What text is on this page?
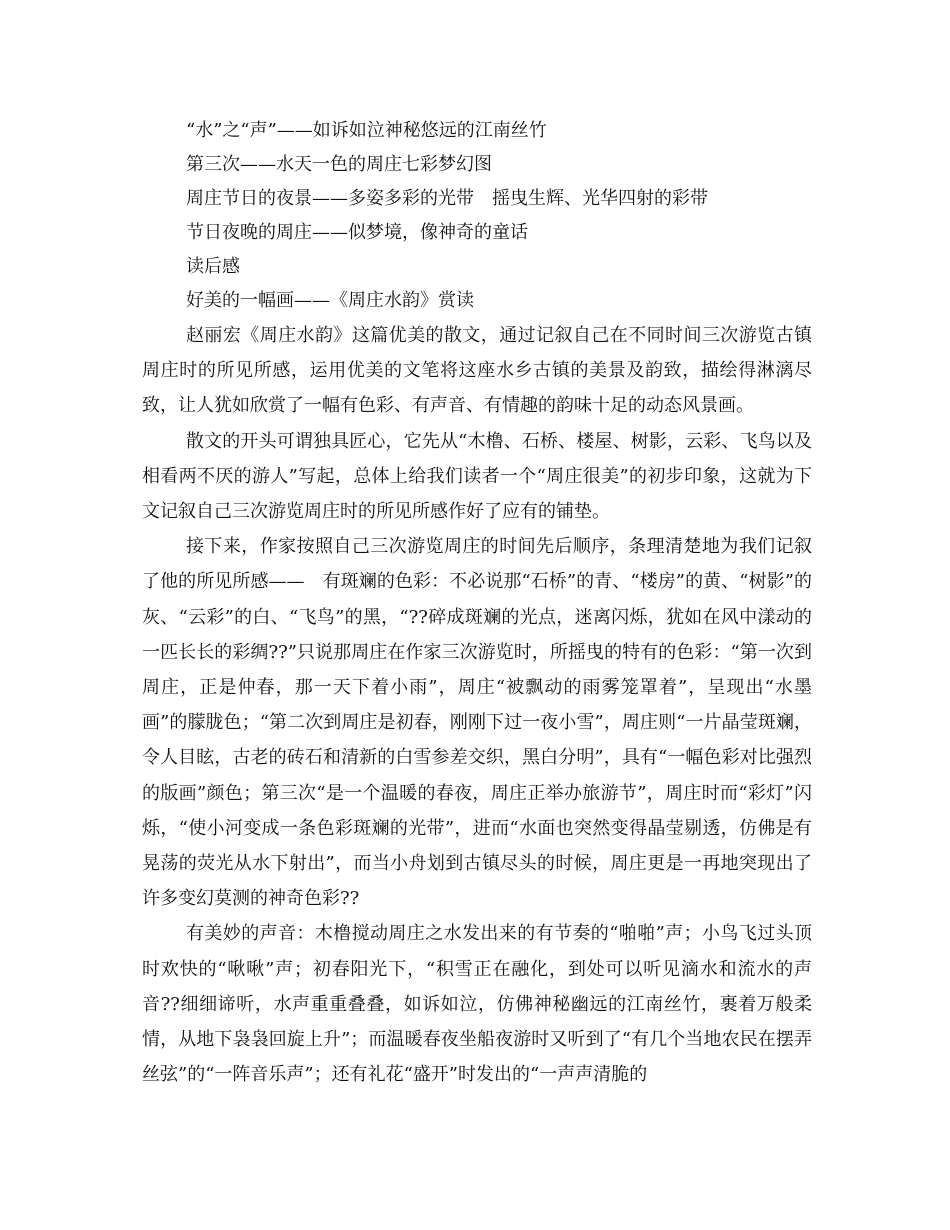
“水”之“声”——如诉如泣神秘悠远的江南丝竹
第三次——水天一色的周庄七彩梦幻图
周庄节日的夜景——多姿多彩的光带　摇曳生辉、光华四射的彩带
节日夜晚的周庄——似梦境，像神奇的童话
读后感
好美的一幅画——《周庄水韵》赏读

赵丽宏《周庄水韵》这篇优美的散文，通过记叙自己在不同时间三次游览古镇周庄时的所见所感，运用优美的文笔将这座水乡古镇的美景及韵致，描绘得淋漓尽致，让人犹如欣赏了一幅有色彩、有声音、有情趣的韵味十足的动态风景画。

散文的开头可谓独具匠心，它先从“木橹、石桥、楼屋、树影，云彩、飞鸟以及相看两不厌的游人”写起，总体上给我们读者一个“周庄很美”的初步印象，这就为下文记叙自己三次游览周庄时的所见所感作好了应有的铺垫。

接下来，作家按照自己三次游览周庄的时间先后顺序，条理清楚地为我们记叙了他的所见所感——　有斑斓的色彩：不必说那“石桥”的青、“楼房”的黄、“树影”的灰、“云彩”的白、“飞鸟”的黑，“??碎成斑斓的光点，迷离闪烁，犹如在风中漾动的一匹长长的彩绸??”只说那周庄在作家三次游览时，所摇曳的特有的色彩：“第一次到周庄，正是仲春，那一天下着小雨”，周庄“被飘动的雨雾笼罩着”，呈现出“水墨画”的朦胧色；“第二次到周庄是初春，刚刚下过一夜小雪”，周庄则“一片晶莹斑斓，令人目眩，古老的砖石和清新的白雪参差交织，黑白分明”，具有“一幅色彩对比强烈的版画”颜色；第三次“是一个温暖的春夜，周庄正举办旅游节”，周庄时而“彩灯”闪烁，“使小河变成一条色彩斑斓的光带”，进而“水面也突然变得晶莹剔透，仿佛是有晃荡的荧光从水下射出”，而当小舟划到古镇尽头的时候，周庄更是一再地突现出了许多变幻莫测的神奇色彩??

有美妙的声音：木橹搅动周庄之水发出来的有节奏的“啪啪”声；小鸟飞过头顶时欢快的“啾啾”声；初春阳光下，“积雪正在融化，到处可以听见滴水和流水的声音??细细谛听，水声重重叠叠，如诉如泣，仿佛神秘幽远的江南丝竹，裹着万般柔情，从地下袅袅回旋上升”；而温暖春夜坐船夜游时又听到了“有几个当地农民在摆弄丝弦”的“一阵音乐声”；还有礼花“盛开”时发出的“一声声清脆的
